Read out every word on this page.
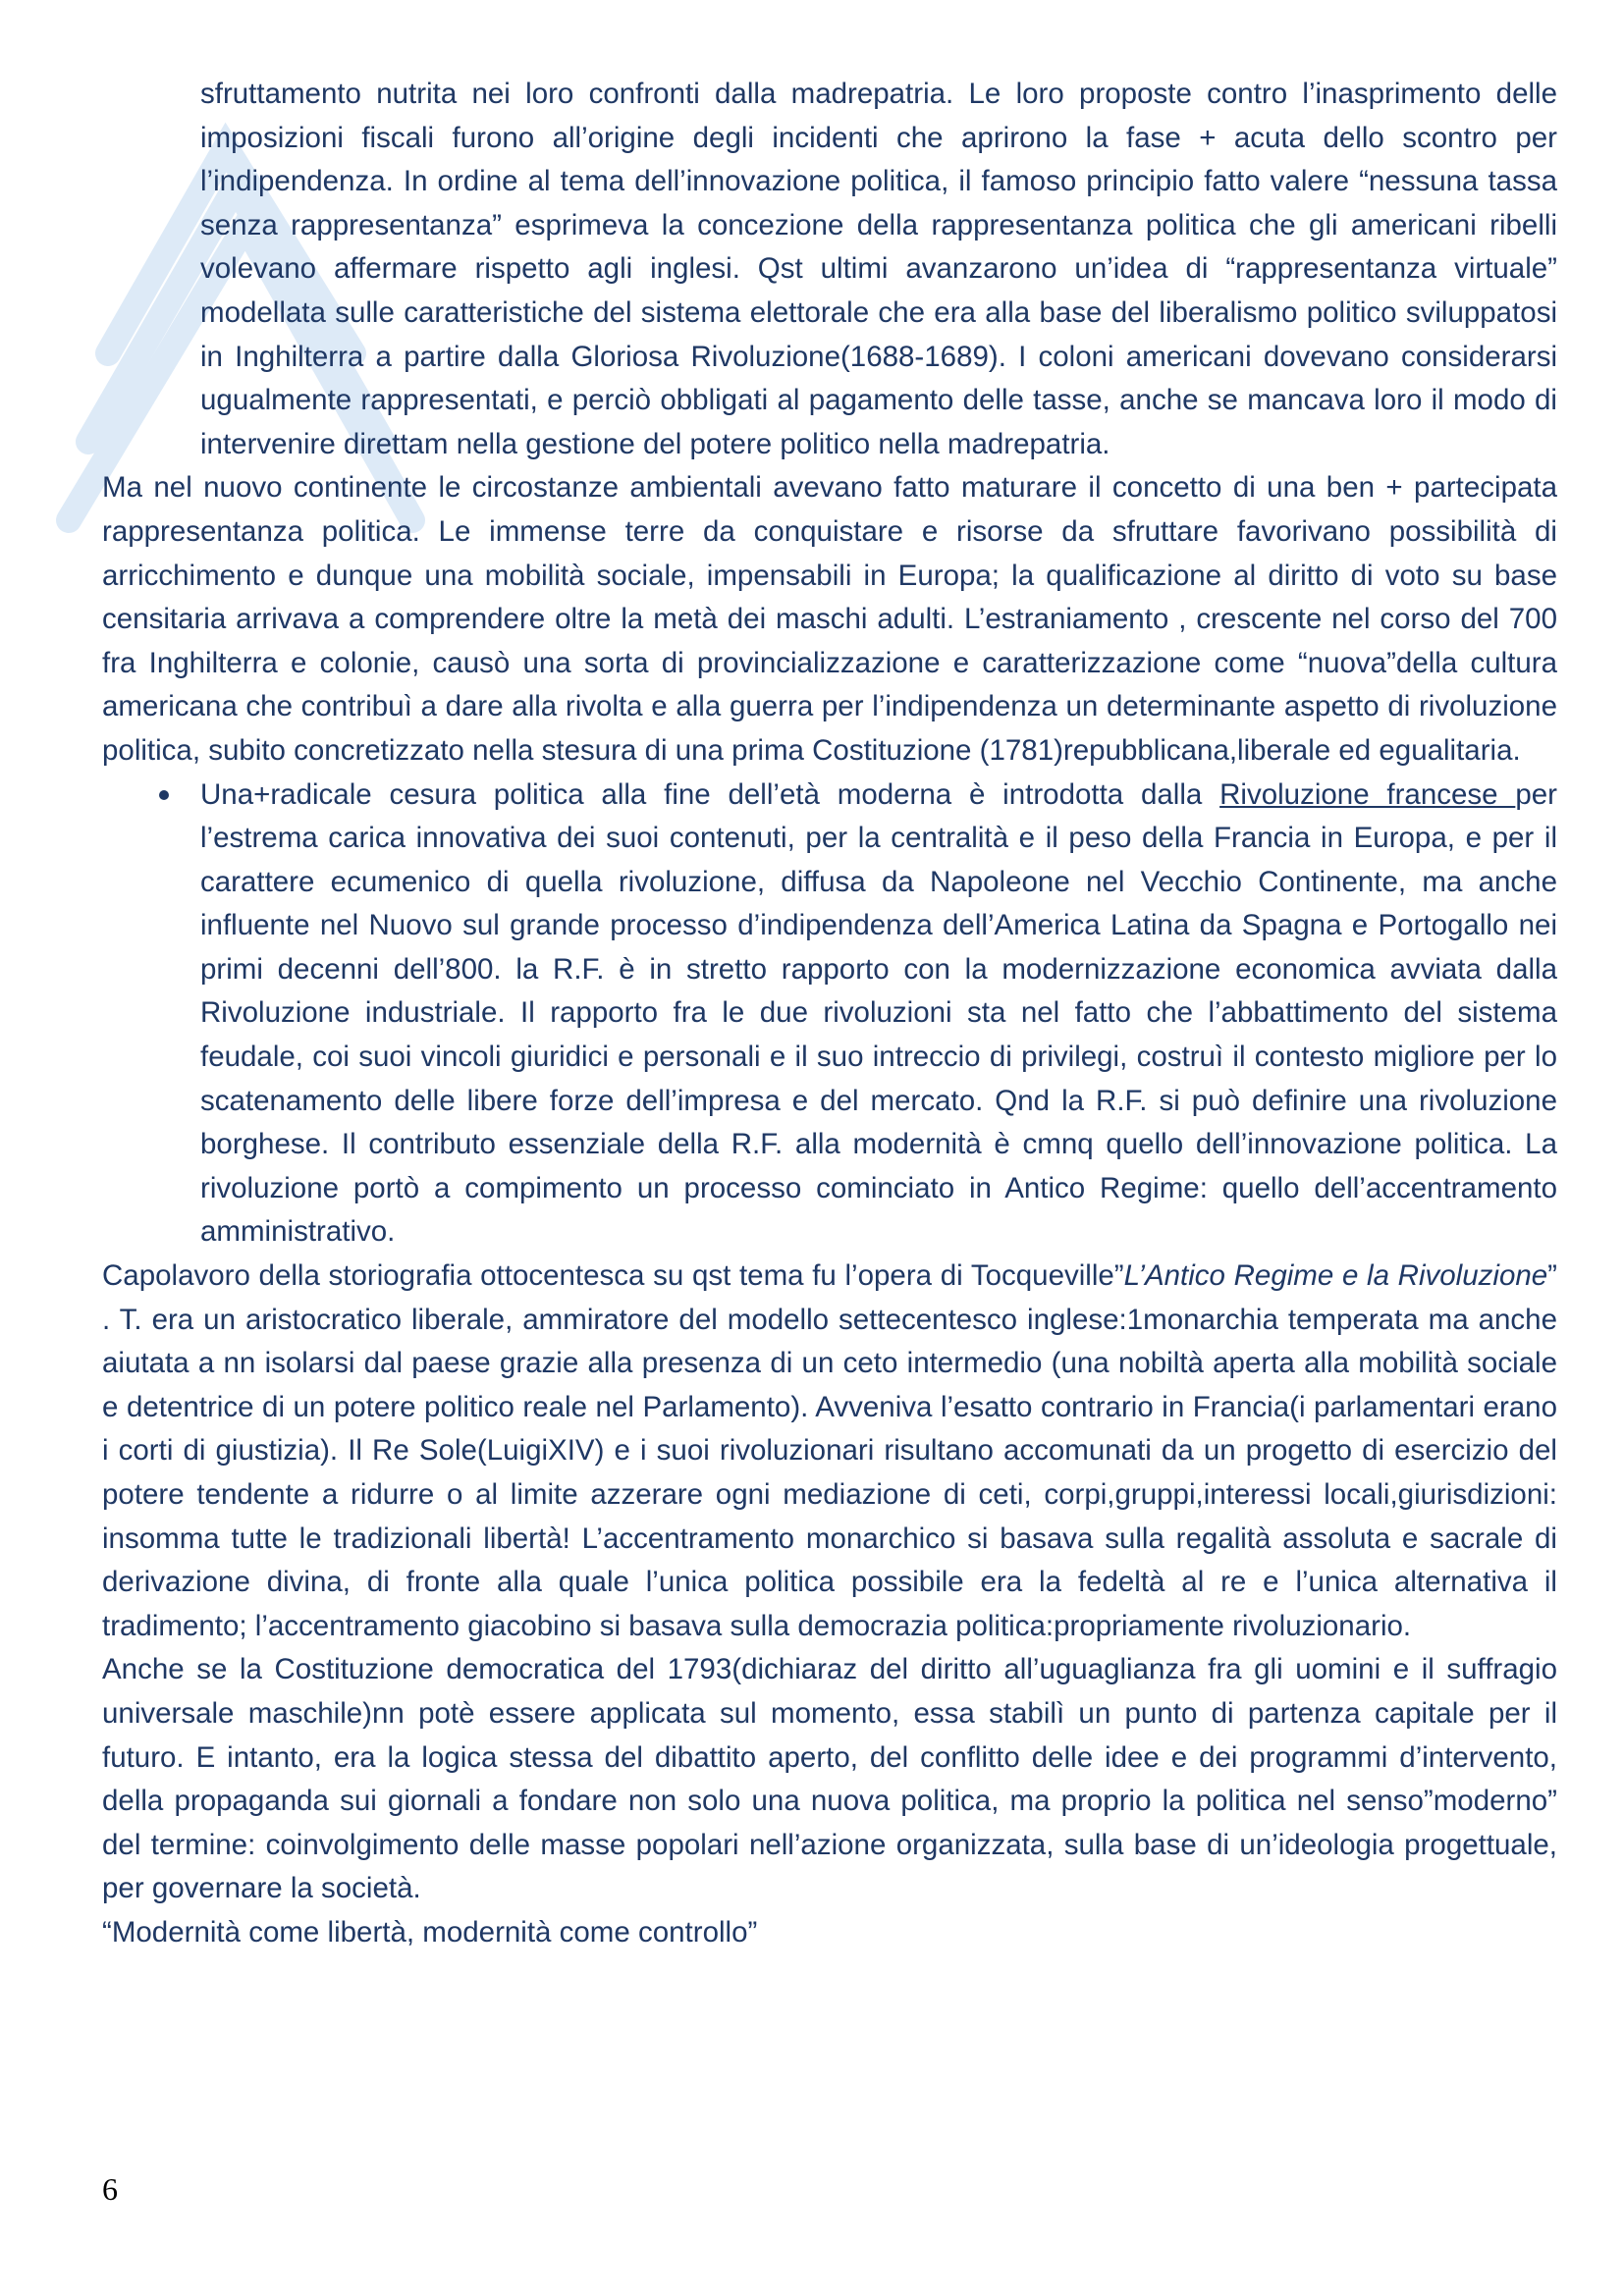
sfruttamento nutrita nei loro confronti dalla madrepatria. Le loro proposte contro l’inasprimento delle imposizioni fiscali furono all’origine degli incidenti che aprirono la fase + acuta dello scontro per l’indipendenza. In ordine al tema dell’innovazione politica, il famoso principio fatto valere “nessuna tassa senza rappresentanza” esprimeva la concezione della rappresentanza politica che gli americani ribelli volevano affermare rispetto agli inglesi. Qst ultimi avanzarono un’idea di “rappresentanza virtuale” modellata sulle caratteristiche del sistema elettorale che era alla base del liberalismo politico sviluppatosi in Inghilterra a partire dalla Gloriosa Rivoluzione(1688-1689). I coloni americani dovevano considerarsi ugualmente rappresentati, e perciò obbligati al pagamento delle tasse, anche se mancava loro il modo di intervenire direttam nella gestione del potere politico nella madrepatria.

Ma nel nuovo continente le circostanze ambientali avevano fatto maturare il concetto di una ben + partecipata rappresentanza politica. Le immense terre da conquistare e risorse da sfruttare favorivano possibilità di arricchimento e dunque una mobilità sociale, impensabili in Europa; la qualificazione al diritto di voto su base censitaria arrivava a comprendere oltre la metà dei maschi adulti. L’estraniamento , crescente nel corso del 700 fra Inghilterra e colonie, causò una sorta di provincializzazione e caratterizzazione come “nuova”della cultura americana che contribuì a dare alla rivolta e alla guerra per l’indipendenza un determinante aspetto di rivoluzione politica, subito concretizzato nella stesura di una prima Costituzione (1781)repubblicana,liberale ed egualitaria.

Una+radicale cesura politica alla fine dell’età moderna è introdotta dalla Rivoluzione francese per l’estrema carica innovativa dei suoi contenuti, per la centralità e il peso della Francia in Europa, e per il carattere ecumenico di quella rivoluzione, diffusa da Napoleone nel Vecchio Continente, ma anche influente nel Nuovo sul grande processo d’indipendenza dell’America Latina da Spagna e Portogallo nei primi decenni dell’800. la R.F. è in stretto rapporto con la modernizzazione economica avviata dalla Rivoluzione industriale. Il rapporto fra le due rivoluzioni sta nel fatto che l’abbattimento del sistema feudale, coi suoi vincoli giuridici e personali e il suo intreccio di privilegi, costruì il contesto migliore per lo scatenamento delle libere forze dell’impresa e del mercato. Qnd la R.F. si può definire una rivoluzione borghese. Il contributo essenziale della R.F. alla modernità è cmnq quello dell’innovazione politica. La rivoluzione portò a compimento un processo cominciato in Antico Regime: quello dell’accentramento amministrativo.

Capolavoro della storiografia ottocentesca su qst tema fu l’opera di Tocqueville”L’Antico Regime e la Rivoluzione” . T. era un aristocratico liberale, ammiratore del modello settecentesco inglese:1monarchia temperata ma anche aiutata a nn isolarsi dal paese grazie alla presenza di un ceto intermedio (una nobiltà aperta alla mobilità sociale e detentrice di un potere politico reale nel Parlamento). Avveniva l’esatto contrario in Francia(i parlamentari erano i corti di giustizia). Il Re Sole(LuigiXIV) e i suoi rivoluzionari risultano accomunati da un progetto di esercizio del potere tendente a ridurre o al limite azzerare ogni mediazione di ceti, corpi,gruppi,interessi locali,giurisdizioni: insomma tutte le tradizionali libertà! L’accentramento monarchico si basava sulla regalità assoluta e sacrale di derivazione divina, di fronte alla quale l’unica politica possibile era la fedeltà al re e l’unica alternativa il tradimento; l’accentramento giacobino si basava sulla democrazia politica:propriamente rivoluzionario.

Anche se la Costituzione democratica del 1793(dichiaraz del diritto all’uguaglianza fra gli uomini e il suffragio universale maschile)nn potè essere applicata sul momento, essa stabilì un punto di partenza capitale per il futuro. E intanto, era la logica stessa del dibattito aperto, del conflitto delle idee e dei programmi d’intervento, della propaganda sui giornali a fondare non solo una nuova politica, ma proprio la politica nel senso”moderno” del termine: coinvolgimento delle masse popolari nell’azione organizzata, sulla base di un’ideologia progettuale, per governare la società.

“Modernità come libertà, modernità come controllo”

6
